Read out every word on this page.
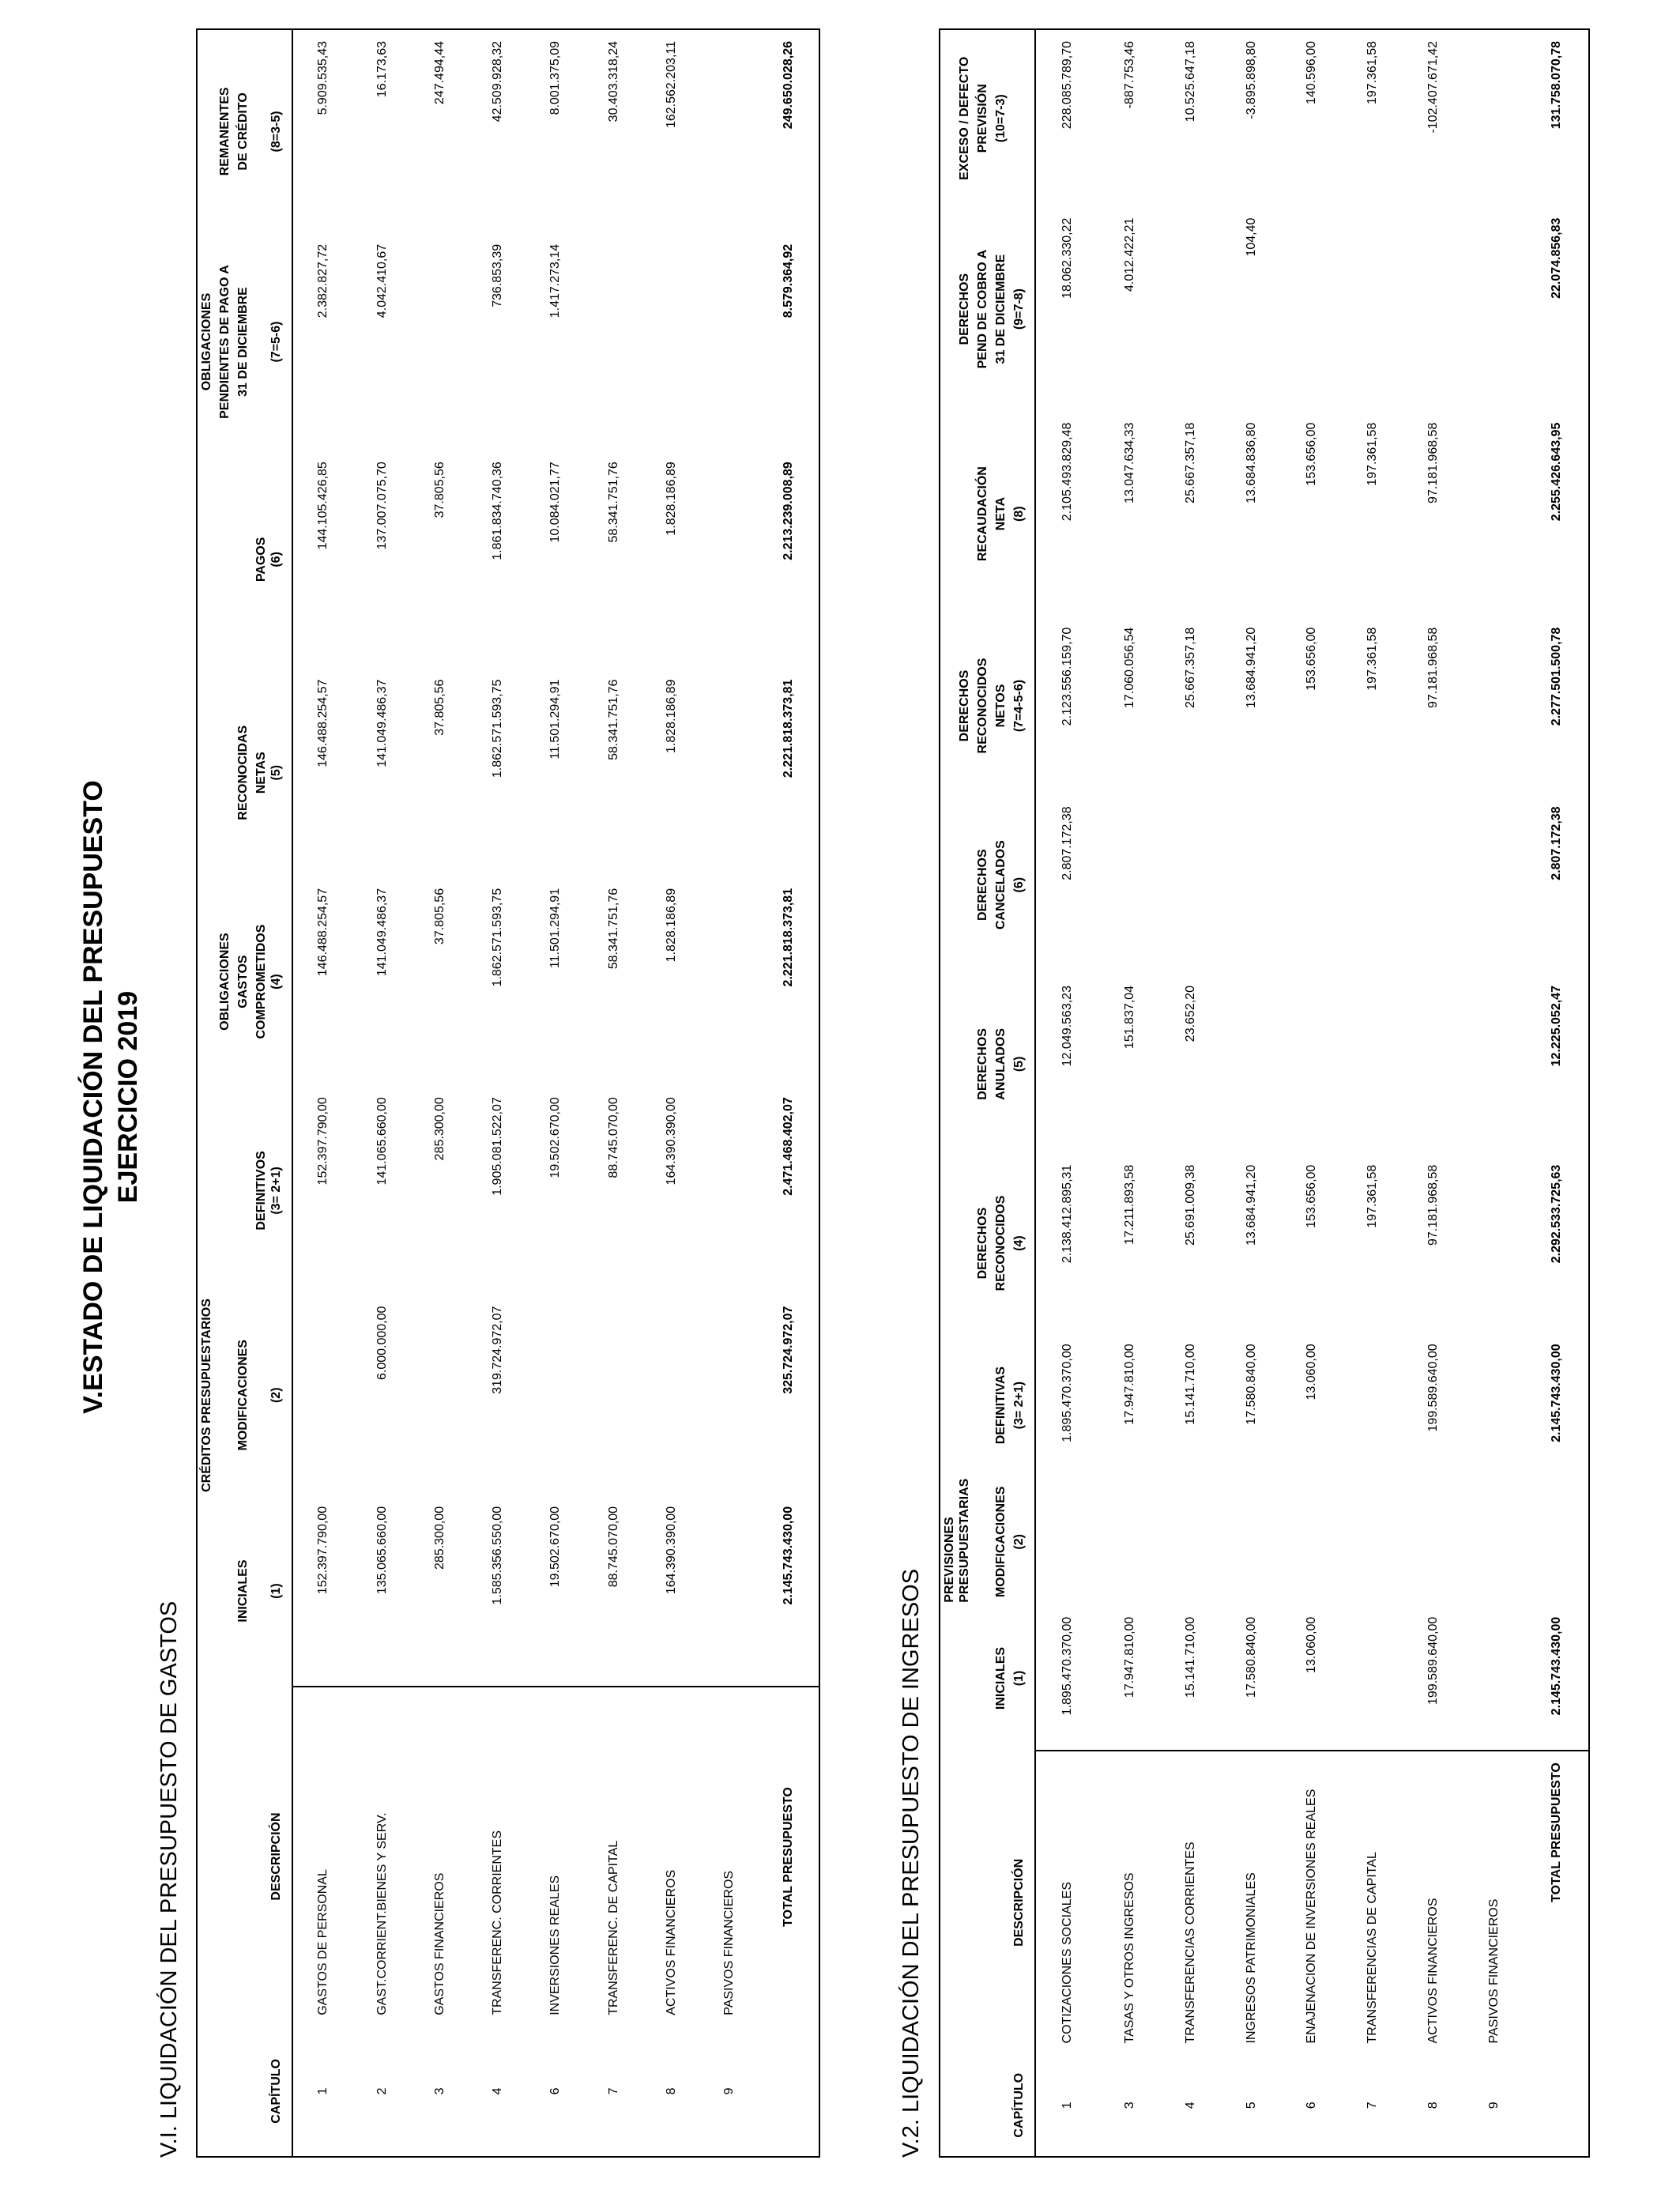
V.ESTADO DE LIQUIDACIÓN DEL PRESUPUESTO EJERCICIO 2019
V.I. LIQUIDACIÓN DEL PRESUPUESTO DE GASTOS
			CRÉDITOS PRESUPUESTARIOS					OBLIGACIONES	
					OBLIGACIONES			PENDIENTES DE PAGO A	REMANENTES
		INICIALES	MODIFICACIONES		GASTOS	RECONOCIDAS		31 DE DICIEMBRE	DE CRÉDITO
CAPÍTULO	DESCRIPCIÓN	(1)	(2)	DEFINITIVOS (3= 2+1)	COMPROMETIDOS (4)	NETAS (5)	PAGOS (6)	(7=5-6)	(8=3-5)
1	GASTOS DE PERSONAL	152.397.790,00		152.397.790,00	146.488.254,57	146.488.254,57	144.105.426,85	2.382.827,72	5.909.535,43
2	GAST.CORRIENT.BIENES Y SERV.	135.065.660,00	6.000.000,00	141.065.660,00	141.049.486,37	141.049.486,37	137.007.075,70	4.042.410,67	16.173,63
3	GASTOS FINANCIEROS	285.300,00		285.300,00	37.805,56	37.805,56	37.805,56		247.494,44
4	TRANSFERENC. CORRIENTES	1.585.356.550,00	319.724.972,07	1.905.081.522,07	1.862.571.593,75	1.862.571.593,75	1.861.834.740,36	736.853,39	42.509.928,32
6	INVERSIONES REALES	19.502.670,00		19.502.670,00	11.501.294,91	11.501.294,91	10.084.021,77	1.417.273,14	8.001.375,09
7	TRANSFERENC. DE CAPITAL	88.745.070,00		88.745.070,00	58.341.751,76	58.341.751,76	58.341.751,76		30.403.318,24
8	ACTIVOS FINANCIEROS	164.390.390,00		164.390.390,00	1.828.186,89	1.828.186,89	1.828.186,89		162.562.203,11
9	PASIVOS FINANCIEROS								
	TOTAL PRESUPUESTO	2.145.743.430,00	325.724.972,07	2.471.468.402,07	2.221.818.373,81	2.221.818.373,81	2.213.239.008,89	8.579.364,92	249.650.028,26
V.2. LIQUIDACIÓN DEL PRESUPUESTO DE INGRESOS
			PREVISIONES PRESUPUESTARIAS					DERECHOS		DERECHOS	EXCESO / DEFECTO
					DERECHOS	DERECHOS	DERECHOS	RECONOCIDOS	RECAUDACIÓN	PEND DE COBRO A	PREVISIÓN
		INICIALES	MODIFICACIONES	DEFINITIVAS	RECONOCIDOS	ANULADOS	CANCELADOS	NETOS	NETA	31 DE DICIEMBRE	(10=7-3)
CAPÍTULO	DESCRIPCIÓN	(1)	(2)	(3= 2+1)	(4)	(5)	(6)	(7=4-5-6)	(8)	(9=7-8)	
1	COTIZACIONES SOCIALES	1.895.470.370,00		1.895.470.370,00	2.138.412.895,31	12.049.563,23	2.807.172,38	2.123.556.159,70	2.105.493.829,48	18.062.330,22	228.085.789,70
3	TASAS Y OTROS INGRESOS	17.947.810,00		17.947.810,00	17.211.893,58	151.837,04		17.060.056,54	13.047.634,33	4.012.422,21	-887.753,46
4	TRANSFERENCIAS CORRIENTES	15.141.710,00		15.141.710,00	25.691.009,38	23.652,20		25.667.357,18	25.667.357,18		10.525.647,18
5	INGRESOS PATRIMONIALES	17.580.840,00		17.580.840,00	13.684.941,20			13.684.941,20	13.684.836,80	104,40	-3.895.898,80
6	ENAJENACION DE INVERSIONES REALES	13.060,00		13.060,00	153.656,00			153.656,00	153.656,00		140.596,00
7	TRANSFERENCIAS DE CAPITAL				197.361,58			197.361,58	197.361,58		197.361,58
8	ACTIVOS FINANCIEROS	199.589.640,00		199.589.640,00	97.181.968,58			97.181.968,58	97.181.968,58		-102.407.671,42
9	PASIVOS FINANCIEROS										
	TOTAL PRESUPUESTO	2.145.743.430,00		2.145.743.430,00	2.292.533.725,63	12.225.052,47	2.807.172,38	2.277.501.500,78	2.255.426.643,95	22.074.856,83	131.758.070,78
